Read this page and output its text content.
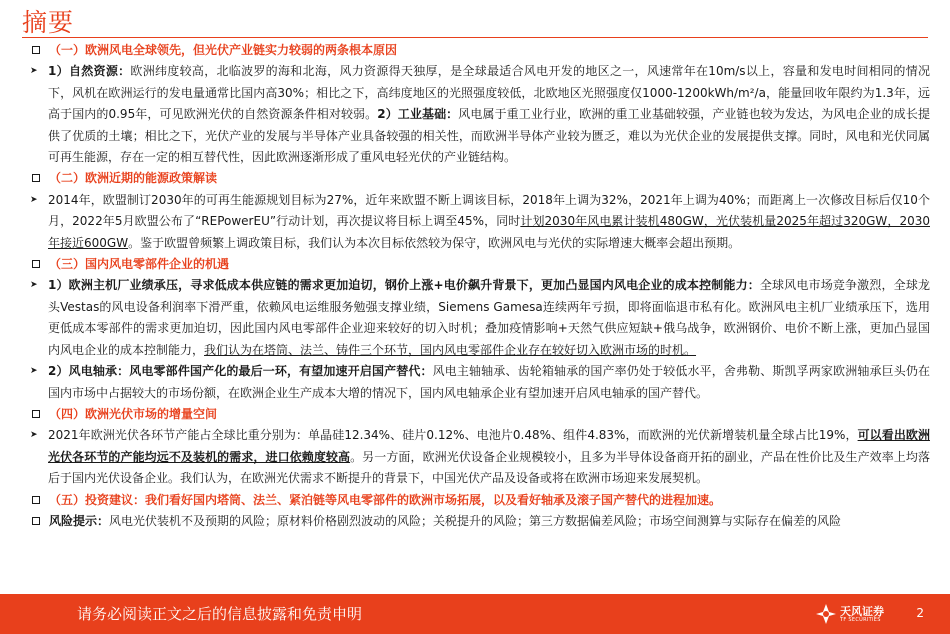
摘要
（一）欧洲风电全球领先，但光伏产业链实力较弱的两条根本原因
➤ 1）自然资源：欧洲纬度较高，北临波罗的海和北海，风力资源得天独厚，是全球最适合风电开发的地区之一，风速常年在10m/s以上，容量和发电时间相同的情况下，风机在欧洲运行的发电量通常比国内高30%；相比之下，高纬度地区的光照强度较低，北欧地区光照强度仅1000-1200kWh/m²/a，能量回收年限约为1.3年，远高于国内的0.95年，可见欧洲光伏的自然资源条件相对较弱。2）工业基础：风电属于重工业行业，欧洲的重工业基础较强，产业链也较为发达，为风电企业的成长提供了优质的土壤；相比之下，光伏产业的发展与半导体产业具备较强的相关性，而欧洲半导体产业较为匮乏，难以为光伏企业的发展提供支撑。同时，风电和光伏同属可再生能源，存在一定的相互替代性，因此欧洲逐渐形成了重风电轻光伏的产业链结构。
（二）欧洲近期的能源政策解读
➤ 2014年，欧盟制订2030年的可再生能源规划目标为27%，近年来欧盟不断上调该目标，2018年上调为32%，2021年上调为40%；而距离上一次修改目标后仅10个月，2022年5月欧盟公布了“REPowerEU”行动计划，再次提议将目标上调至45%，同时计划2030年风电累计装机480GW，光伏装机量2025年超过320GW，2030年接近600GW。鉴于欧盟曾频繁上调政策目标，我们认为本次目标依然较为保守，欧洲风电与光伏的实际增速大概率会超出预期。
（三）国内风电零部件企业的机遇
➤ 1）欧洲主机厂业绩承压，寻求低成本供应链的需求更加迫切，钢价上涨+电价飙升背景下，更加凸显国内风电企业的成本控制能力：全球风电市场竞争激烈，全球龙头Vestas的风电设备利润率下滑严重，依赖风电运维服务勉强支撑业绩，Siemens Gamesa连续两年亏损，即将面临退市私有化。欧洲风电主机厂业绩承压下，选用更低成本零部件的需求更加迫切，因此国内风电零部件企业迎来较好的切入时机；叠加疫情影响+天然气供应短缺+俄乌战争，欧洲钢价、电价不断上涨，更加凸显国内风电企业的成本控制能力，我们认为在塔筒、法兰、铸件三个环节，国内风电零部件企业存在较好切入欧洲市场的时机。
➤ 2）风电轴承：风电零部件国产化的最后一环，有望加速开启国产替代：风电主轴轴承、齿轮箱轴承的国产率仍处于较低水平，舍弗勒、斯凯孚两家欧洲轴承巨头仍在国内市场中占据较大的市场份额，在欧洲企业生产成本大增的情况下，国内风电轴承企业有望加速开启风电轴承的国产替代。
（四）欧洲光伏市场的增量空间
➤ 2021年欧洲光伏各环节产能占全球比重分别为：单晶硅12.34%、硅片0.12%、电池片0.48%、组件4.83%，而欧洲的光伏新增装机量全球占比19%，可以看出欧洲光伏各环节的产能均远不及装机的需求，进口依赖度较高。另一方面，欧洲光伏设备企业规模较小，且多为半导体设备商开拓的副业，产品在性价比及生产效率上均落后于国内光伏设备企业。我们认为，在欧洲光伏需求不断提升的背景下，中国光伏产品及设备或将在欧洲市场迎来发展契机。
（五）投资建议：我们看好国内塔筒、法兰、紧泊链等风电零部件的欧洲市场拓展，以及看好轴承及滚子国产替代的进程加速。
风险提示：风电光伏装机不及预期的风险；原材料价格剧烈波动的风险；关税提升的风险；第三方数据偏差风险；市场空间测算与实际存在偏差的风险
请务必阅读正文之后的信息披露和免责申明	天风证券
TF SECURITIES	2
